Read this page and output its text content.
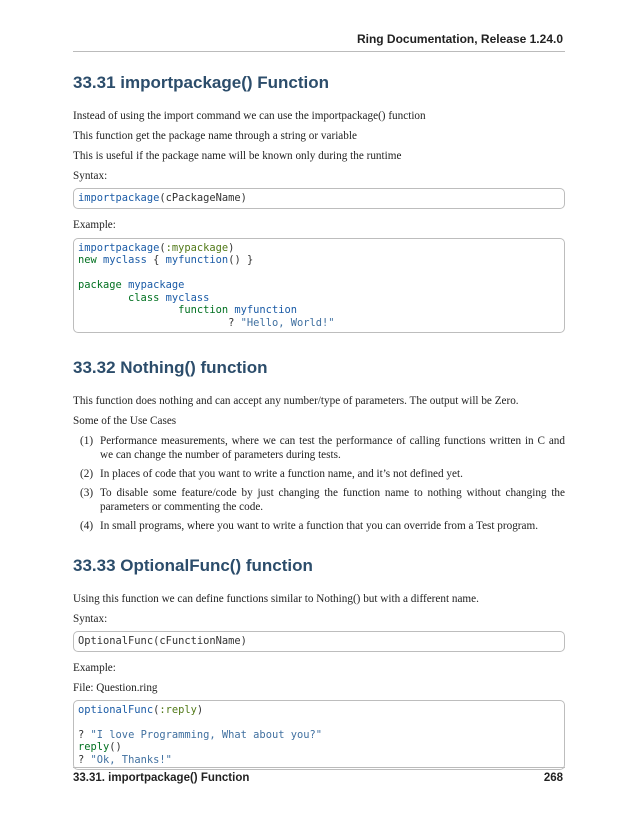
Ring Documentation, Release 1.24.0
33.31 importpackage() Function

Instead of using the import command we can use the importpackage() function

This function get the package name through a string or variable

This is useful if the package name will be known only during the runtime

Syntax:

importpackage(cPackageName)

Example:

importpackage(:mypackage)
new myclass { myfunction() }

package mypackage
class myclass
function myfunction
? "Hello, World!"
33.32 Nothing() function

This function does nothing and can accept any number/type of parameters. The output will be Zero.

Some of the Use Cases

(1) Performance measurements, where we can test the performance of calling functions written in C and we can change the number of parameters during tests.
(2) In places of code that you want to write a function name, and it’s not defined yet.
(3) To disable some feature/code by just changing the function name to nothing without changing the parameters or commenting the code.
(4) In small programs, where you want to write a function that you can override from a Test program.
33.33 OptionalFunc() function

Using this function we can define functions similar to Nothing() but with a different name.

Syntax:

OptionalFunc(cFunctionName)

Example:

File: Question.ring

optionalFunc(:reply)

? "I love Programming, What about you?"
reply()
? "Ok, Thanks!"
33.31. importpackage() Function	268
